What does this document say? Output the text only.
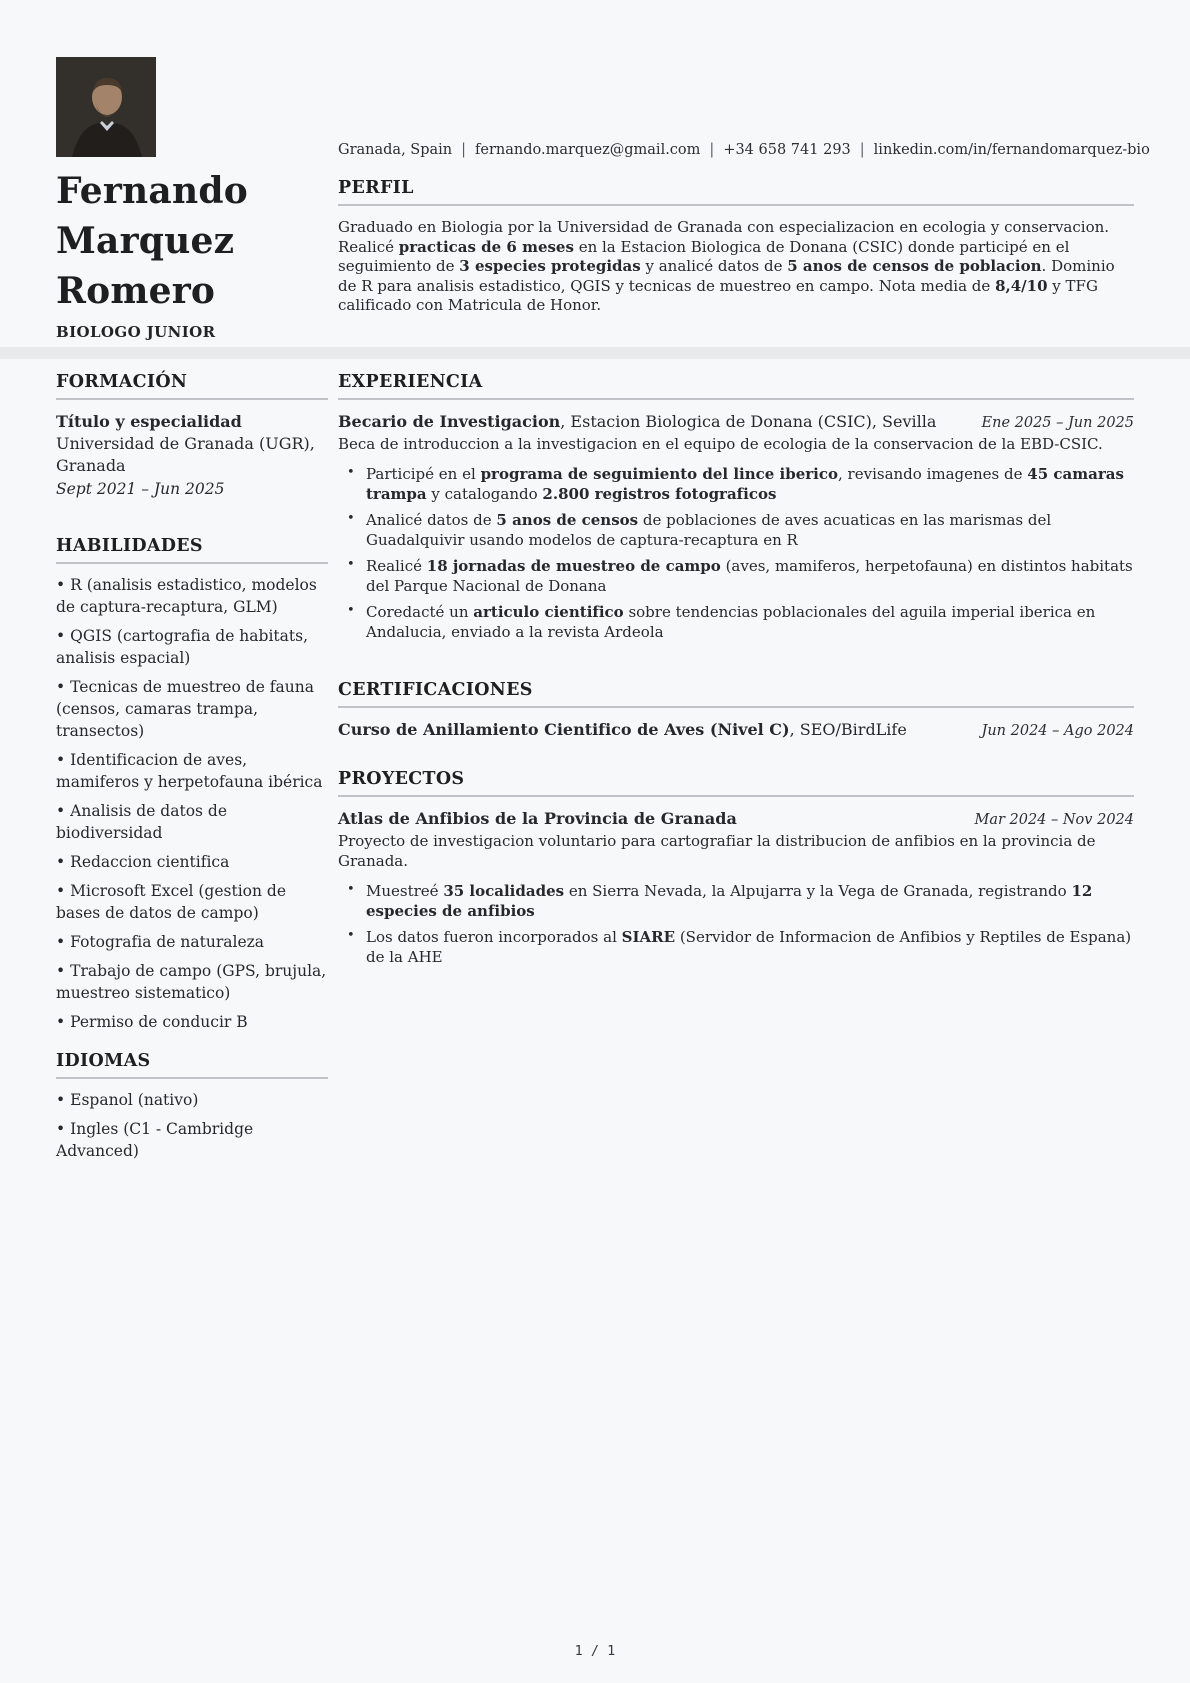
Fernando
Marquez
Romero
BIOLOGO JUNIOR
Granada, Spain | fernando.marquez@gmail.com | +34 658 741 293 | linkedin.com/in/fernandomarquez-bio
PERFIL

Graduado en Biologia por la Universidad de Granada con especializacion en ecologia y conservacion. Realicé practicas de 6 meses en la Estacion Biologica de Donana (CSIC) donde participé en el seguimiento de 3 especies protegidas y analicé datos de 5 anos de censos de poblacion. Dominio de R para analisis estadistico, QGIS y tecnicas de muestreo en campo. Nota media de 8,4/10 y TFG calificado con Matricula de Honor.

FORMACIÓN
Título y especialidad
Universidad de Granada (UGR), Granada
Sept 2021 – Jun 2025
HABILIDADES
• R (analisis estadistico, modelos de captura-recaptura, GLM)
• QGIS (cartografia de habitats, analisis espacial)
• Tecnicas de muestreo de fauna (censos, camaras trampa, transectos)
• Identificacion de aves, mamiferos y herpetofauna ibérica
• Analisis de datos de biodiversidad
• Redaccion cientifica
• Microsoft Excel (gestion de bases de datos de campo)
• Fotografia de naturaleza
• Trabajo de campo (GPS, brujula, muestreo sistematico)
• Permiso de conducir B
IDIOMAS
• Espanol (nativo)
• Ingles (C1 - Cambridge Advanced)
EXPERIENCIA
Becario de Investigacion, Estacion Biologica de Donana (CSIC), Sevilla	Ene 2025 – Jun 2025
Beca de introduccion a la investigacion en el equipo de ecologia de la conservacion de la EBD-CSIC.
• Participé en el programa de seguimiento del lince iberico, revisando imagenes de 45 camaras trampa y catalogando 2.800 registros fotograficos
• Analicé datos de 5 anos de censos de poblaciones de aves acuaticas en las marismas del Guadalquivir usando modelos de captura-recaptura en R
• Realicé 18 jornadas de muestreo de campo (aves, mamiferos, herpetofauna) en distintos habitats del Parque Nacional de Donana
• Coredacté un articulo cientifico sobre tendencias poblacionales del aguila imperial iberica en Andalucia, enviado a la revista Ardeola
CERTIFICACIONES
Curso de Anillamiento Cientifico de Aves (Nivel C), SEO/BirdLife	Jun 2024 – Ago 2024
PROYECTOS
Atlas de Anfibios de la Provincia de Granada	Mar 2024 – Nov 2024
Proyecto de investigacion voluntario para cartografiar la distribucion de anfibios en la provincia de Granada.
• Muestreé 35 localidades en Sierra Nevada, la Alpujarra y la Vega de Granada, registrando 12 especies de anfibios
• Los datos fueron incorporados al SIARE (Servidor de Informacion de Anfibios y Reptiles de Espana) de la AHE
1 / 1
